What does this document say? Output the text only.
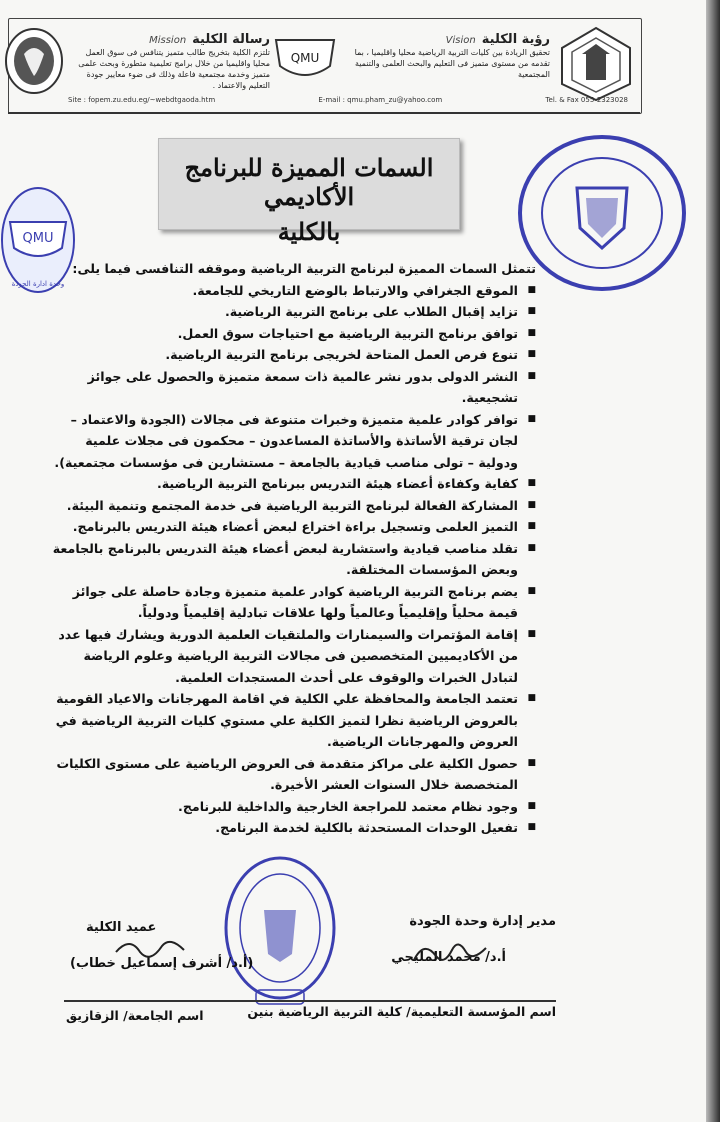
رسالة الكليةMission
تلتزم الكلية بتخريج طالب متميز يتنافس فى سوق العمل محليا واقليميا من خلال برامج تعليمية متطورة وبحث علمى متميز وخدمة مجتمعية فاعلة وذلك فى ضوء معايير جودة التعليم والاعتماد .
QMU
رؤية الكليةVision
تحقيق الريادة بين كليات التربية الرياضية محليا واقليميا ، بما تقدمه من مستوى متميز فى التعليم والبحث العلمى والتنمية المجتمعية
Site : fopem.zu.edu.eg/~webdtgaoda.htm	E-mail : qmu.pham_zu@yahoo.com	Tel. & Fax 055-2323028
QMU
وحدة ادارة الجودة
السمات المميزة للبرنامج الأكاديمي
بالكلية
تتمثل السمات المميزة لبرنامج التربية الرياضية وموقفه التنافسى فيما يلى:
■ الموقع الجغرافي والارتباط بالوضع التاريخي للجامعة.
■ تزايد إقبال الطلاب على برنامج التربية الرياضية.
■ توافق برنامج التربية الرياضية مع احتياجات سوق العمل.
■ تنوع فرص العمل المتاحة لخريجى برنامج التربية الرياضية.
■ النشر الدولى بدور نشر عالمية ذات سمعة متميزة والحصول على جوائز تشجيعية.
■ توافر كوادر علمية متميزة وخبرات متنوعة فى مجالات (الجودة والاعتماد – لجان ترقية الأساتذة والأساتذة المساعدون – محكمون فى مجلات علمية ودولية – تولى مناصب قيادية بالجامعة – مستشارين فى مؤسسات مجتمعية).
■ كفاية وكفاءة أعضاء هيئة التدريس ببرنامج التربية الرياضية.
■ المشاركة الفعالة لبرنامج التربية الرياضية فى خدمة المجتمع وتنمية البيئة.
■ التميز العلمى وتسجيل براءة اختراع لبعض أعضاء هيئة التدريس بالبرنامج.
■ تقلد مناصب قيادية واستشارية لبعض أعضاء هيئة التدريس بالبرنامج بالجامعة وبعض المؤسسات المختلفة.
■ يضم برنامج التربية الرياضية كوادر علمية متميزة وجادة حاصلة على جوائز قيمة محلياً وإقليمياً وعالمياً ولها علاقات تبادلية إقليمياً ودولياً.
■ إقامة المؤتمرات والسيمنارات والملتقيات العلمية الدورية ويشارك فيها عدد من الأكاديميين المتخصصين فى مجالات التربية الرياضية وعلوم الرياضة لتبادل الخبرات والوقوف على أحدث المستجدات العلمية.
■ تعتمد الجامعة والمحافظة علي الكلية في اقامة المهرجانات والاعياد القومية بالعروض الرياضية نظرا لتميز الكلية علي مستوي كليات التربية الرياضية في العروض والمهرجانات الرياضية.
■ حصول الكلية على مراكز متقدمة فى العروض الرياضية على مستوى الكليات المتخصصة خلال السنوات العشر الأخيرة.
■ وجود نظام معتمد للمراجعة الخارجية والداخلية للبرنامج.
■ تفعيل الوحدات المستحدثة بالكلية لخدمة البرنامج.
مدير إدارة وحدة الجودة
أ.د/ محمد المليجي
عميد الكلية
(أ.د/ أشرف إسماعيل خطاب)
اسم المؤسسة التعليمية/ كلية التربية الرياضية بنين
اسم الجامعة/ الزقازيق
